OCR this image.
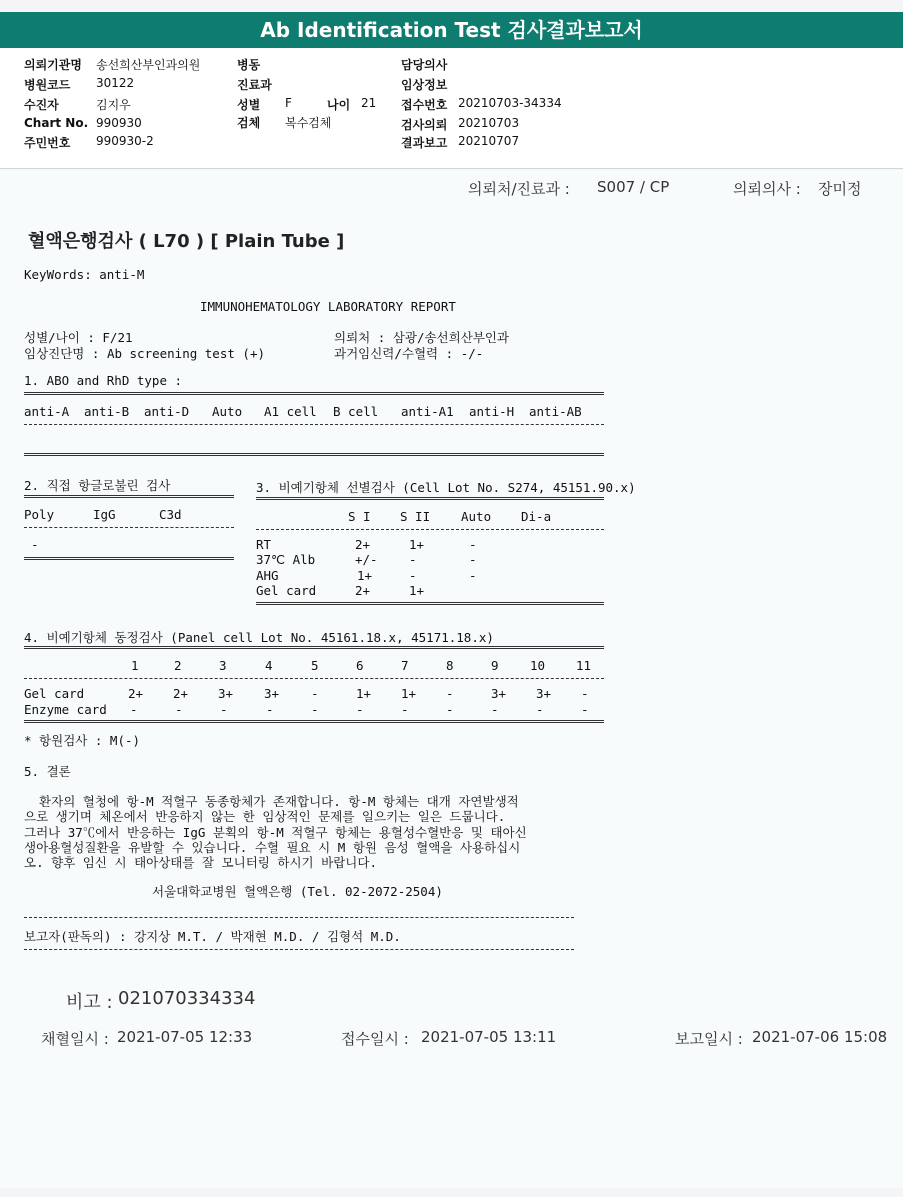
Ab Identification Test 검사결과보고서
의뢰기관명 송선희산부인과의원
병원코드 30122
수진자	김지우
Chart No. 990930
주민번호 990930-2
병동
진료과
성별 F	나이 21
검체 복수검체
담당의사
임상정보
접수번호 20210703-34334
검사의뢰 20210703
결과보고 20210707
의뢰처/진료과 : S007 / CP	의뢰의사 : 장미정
혈액은행검사 ( L70 ) [ Plain Tube ]
KeyWords: anti-M
IMMUNOHEMATOLOGY LABORATORY REPORT
성별/나이 : F/21
임상진단명 : Ab screening test (+)
의뢰처 : 삼광/송선희산부인과
과거임신력/수혈력 : -/-
1. ABO and RhD type :
anti-A anti-B anti-D Auto A1 cell B cell anti-A1 anti-H anti-AB
2. 직접 항글로불린 검사
Poly	IgG	C3d
-
3. 비예기항체 선별검사 (Cell Lot No. S274, 45151.90.x)
S I S II Auto Di-a
RT	2+	1+	-
37℃ Alb	+/-	-	-
AHG	1+	-	-
Gel card	2+	1+
4. 비예기항체 동정검사 (Panel cell Lot No. 45161.18.x, 45171.18.x)
1	2	3	4	5	6	7	8	9	10 11
Gel card	2+ 2+ 3+ 3+	-	1+ 1+ -	3+ 3+ -
Enzyme card -	-	-	-	-	-	-	-	-	-	-
* 항원검사 : M(-)
5. 결론
환자의 혈청에 항-M 적혈구 동종항체가 존재합니다. 항-M 항체는 대개 자연발생적
으로 생기며 체온에서 반응하지 않는 한 임상적인 문제를 일으키는 일은 드뭅니다.
그러나 37℃에서 반응하는 IgG 분획의 항-M 적혈구 항체는 용혈성수혈반응 및 태아신
생아용혈성질환을 유발할 수 있습니다. 수혈 필요 시 M 항원 음성 혈액을 사용하십시
오. 향후 임신 시 태아상태를 잘 모니터링 하시기 바랍니다.
서울대학교병원 혈액은행 (Tel. 02-2072-2504)
보고자(판독의) : 강지상 M.T. / 박재현 M.D. / 김형석 M.D.
비고 : 021070334334
채혈일시 : 2021-07-05 12:33	접수일시 : 2021-07-05 13:11	보고일시 : 2021-07-06 15:08
